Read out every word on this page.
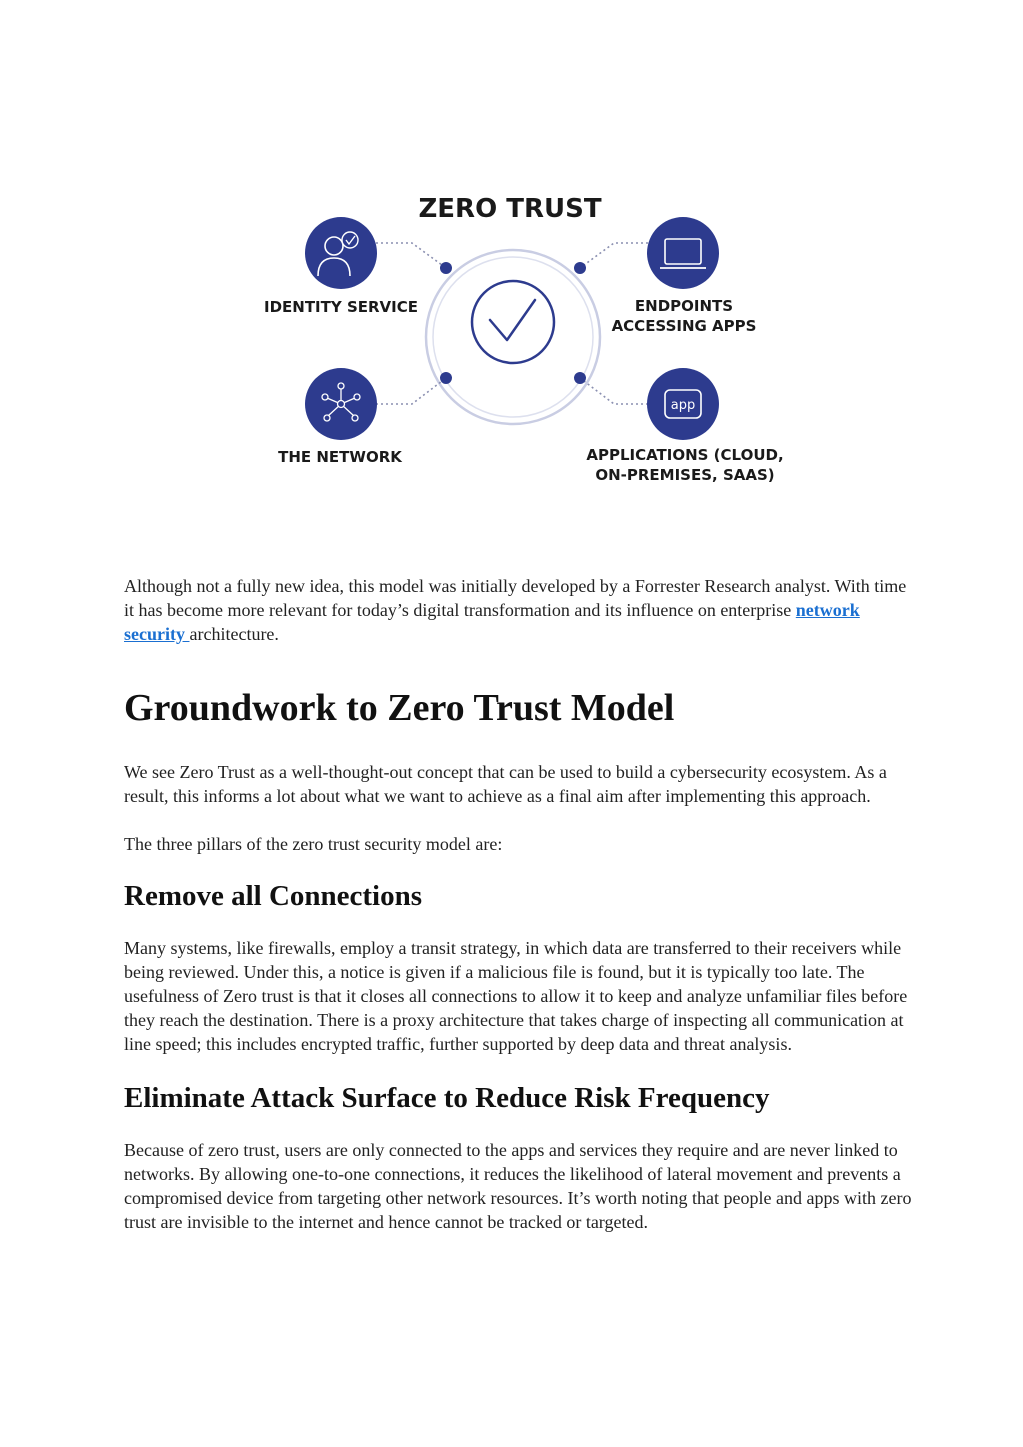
ZERO TRUST
IDENTITY SERVICE	ENDPOINTS
ACCESSING APPS
THE NETWORK
app
APPLICATIONS (CLOUD,
ON-PREMISES, SAAS)

Although not a fully new idea, this model was initially developed by a Forrester Research analyst. With time it has become more relevant for today’s digital transformation and its influence on enterprise network security architecture.

Groundwork to Zero Trust Model

We see Zero Trust as a well-thought-out concept that can be used to build a cybersecurity ecosystem. As a result, this informs a lot about what we want to achieve as a final aim after implementing this approach.

The three pillars of the zero trust security model are:

Remove all Connections

Many systems, like firewalls, employ a transit strategy, in which data are transferred to their receivers while being reviewed. Under this, a notice is given if a malicious file is found, but it is typically too late. The usefulness of Zero trust is that it closes all connections to allow it to keep and analyze unfamiliar files before they reach the destination. There is a proxy architecture that takes charge of inspecting all communication at line speed; this includes encrypted traffic, further supported by deep data and threat analysis.

Eliminate Attack Surface to Reduce Risk Frequency

Because of zero trust, users are only connected to the apps and services they require and are never linked to networks. By allowing one-to-one connections, it reduces the likelihood of lateral movement and prevents a compromised device from targeting other network resources. It’s worth noting that people and apps with zero trust are invisible to the internet and hence cannot be tracked or targeted.
